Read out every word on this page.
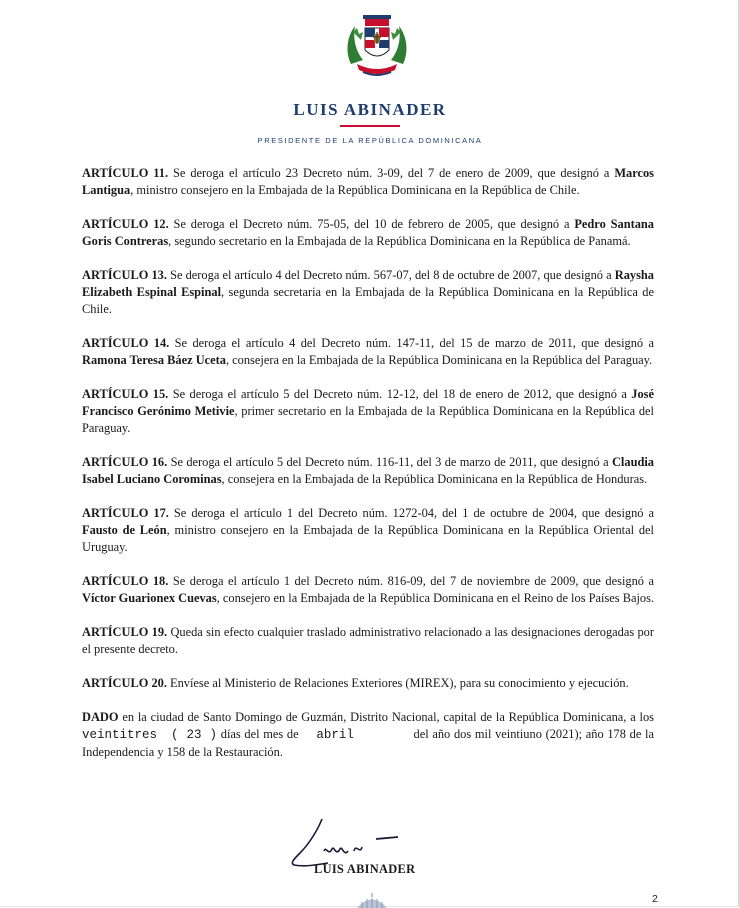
LUIS ABINADER
PRESIDENTE DE LA REPÚBLICA DOMINICANA

ARTÍCULO 11. Se deroga el artículo 23 Decreto núm. 3-09, del 7 de enero de 2009, que designó a Marcos Lantigua, ministro consejero en la Embajada de la República Dominicana en la República de Chile.

ARTÍCULO 12. Se deroga el Decreto núm. 75-05, del 10 de febrero de 2005, que designó a Pedro Santana Goris Contreras, segundo secretario en la Embajada de la República Dominicana en la República de Panamá.

ARTÍCULO 13. Se deroga el artículo 4 del Decreto núm. 567-07, del 8 de octubre de 2007, que designó a Raysha Elizabeth Espinal Espinal, segunda secretaria en la Embajada de la República Dominicana en la República de Chile.

ARTÍCULO 14. Se deroga el artículo 4 del Decreto núm. 147-11, del 15 de marzo de 2011, que designó a Ramona Teresa Báez Uceta, consejera en la Embajada de la República Dominicana en la República del Paraguay.

ARTÍCULO 15. Se deroga el artículo 5 del Decreto núm. 12-12, del 18 de enero de 2012, que designó a José Francisco Gerónimo Metivie, primer secretario en la Embajada de la República Dominicana en la República del Paraguay.

ARTÍCULO 16. Se deroga el artículo 5 del Decreto núm. 116-11, del 3 de marzo de 2011, que designó a Claudia Isabel Luciano Corominas, consejera en la Embajada de la República Dominicana en la República de Honduras.

ARTÍCULO 17. Se deroga el artículo 1 del Decreto núm. 1272-04, del 1 de octubre de 2004, que designó a Fausto de León, ministro consejero en la Embajada de la República Dominicana en la República Oriental del Uruguay.

ARTÍCULO 18. Se deroga el artículo 1 del Decreto núm. 816-09, del 7 de noviembre de 2009, que designó a Víctor Guarionex Cuevas, consejero en la Embajada de la República Dominicana en el Reino de los Países Bajos.

ARTÍCULO 19. Queda sin efecto cualquier traslado administrativo relacionado a las designaciones derogadas por el presente decreto.

ARTÍCULO 20. Envíese al Ministerio de Relaciones Exteriores (MIREX), para su conocimiento y ejecución.

DADO en la ciudad de Santo Domingo de Guzmán, Distrito Nacional, capital de la República Dominicana, a los veintitres ( 23 ) días del mes de abril	del año dos mil veintiuno (2021); año 178 de la Independencia y 158 de la Restauración.

LUIS ABINADER
2
